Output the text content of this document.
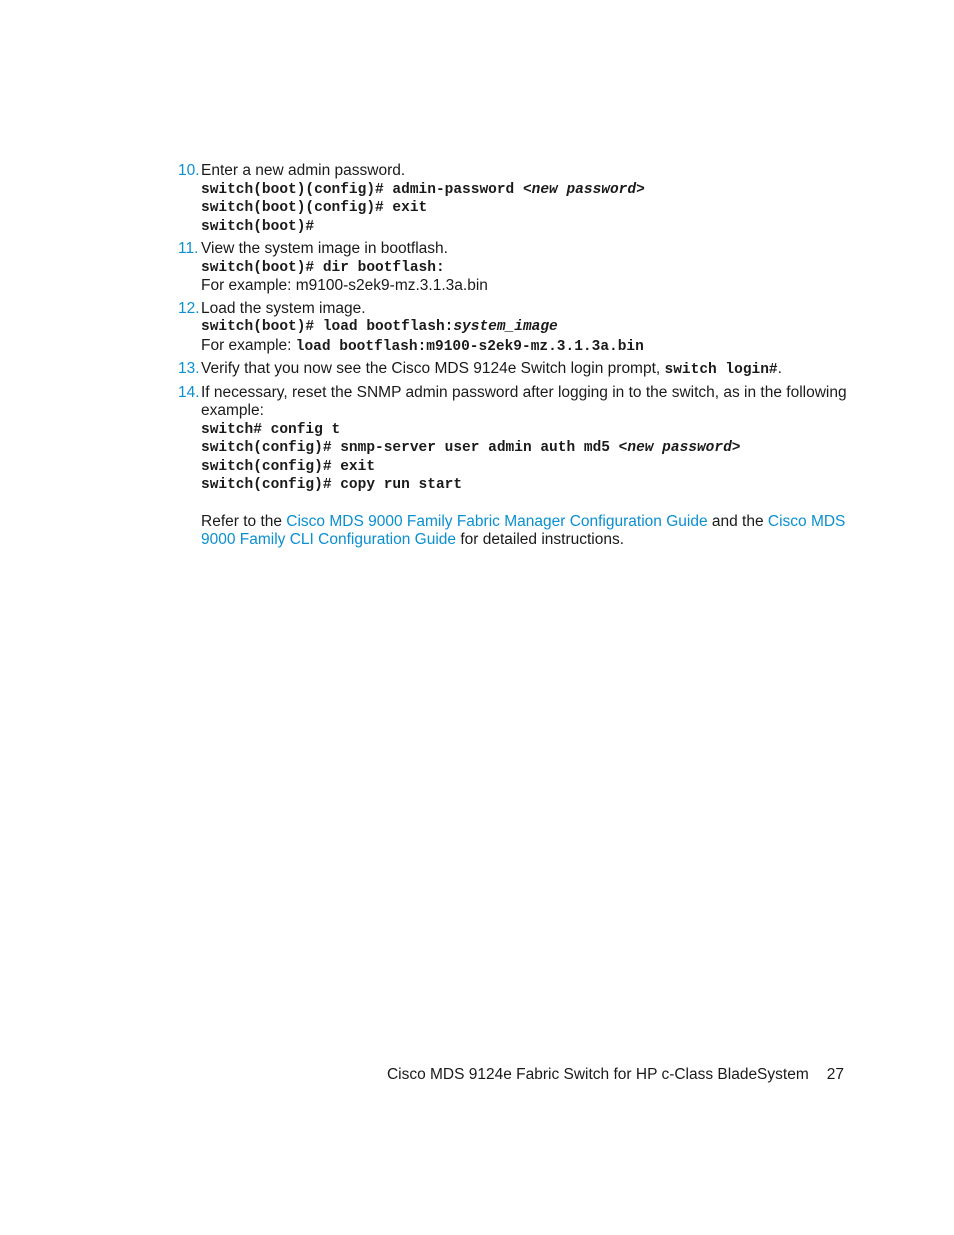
10. Enter a new admin password.
switch(boot)(config)# admin-password <new password>
switch(boot)(config)# exit
switch(boot)#
11. View the system image in bootflash.
switch(boot)# dir bootflash:
For example: m9100-s2ek9-mz.3.1.3a.bin
12. Load the system image.
switch(boot)# load bootflash:system_image
For example: load bootflash:m9100-s2ek9-mz.3.1.3a.bin
13. Verify that you now see the Cisco MDS 9124e Switch login prompt, switch login#.
14. If necessary, reset the SNMP admin password after logging in to the switch, as in the following example:
switch# config t
switch(config)# snmp-server user admin auth md5 <new password>
switch(config)# exit
switch(config)# copy run start
Refer to the Cisco MDS 9000 Family Fabric Manager Configuration Guide and the Cisco MDS 9000 Family CLI Configuration Guide for detailed instructions.
Cisco MDS 9124e Fabric Switch for HP c-Class BladeSystem 27
